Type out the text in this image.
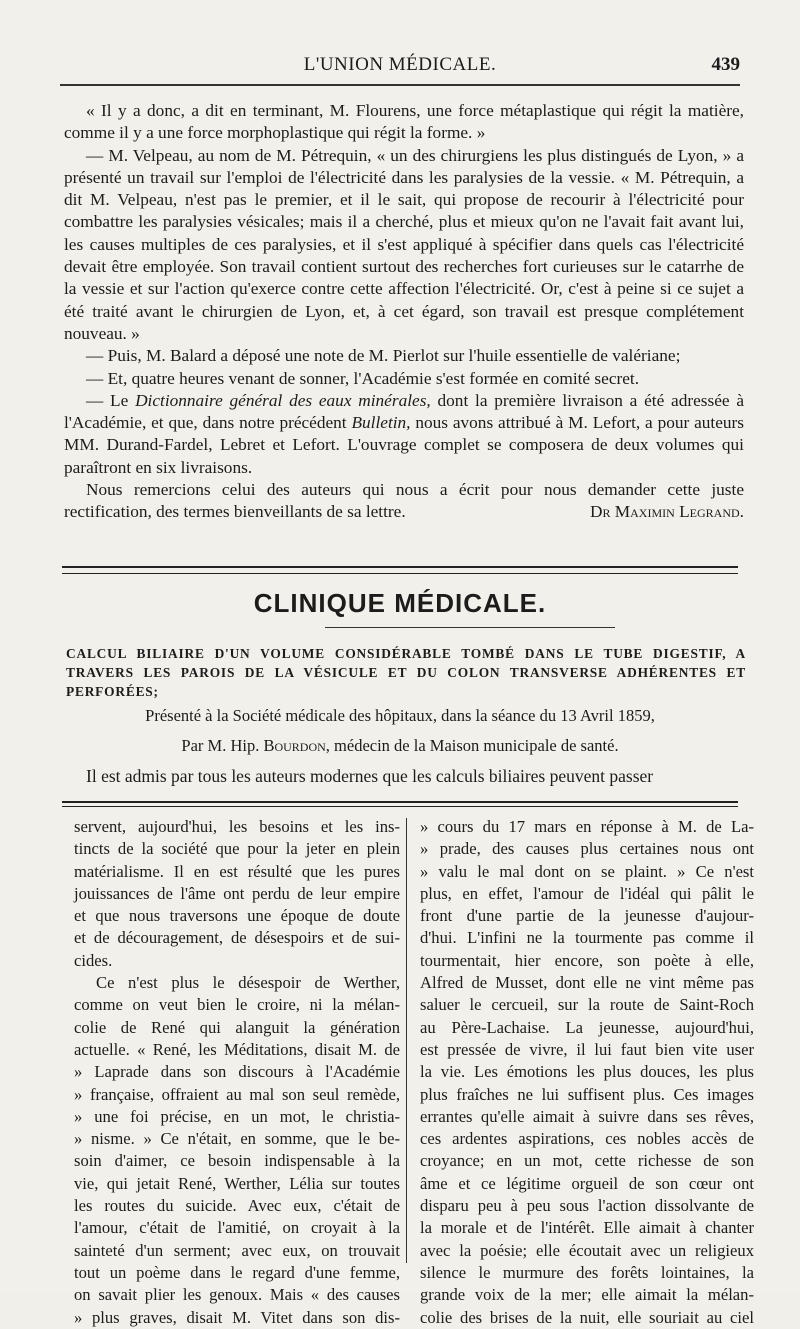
L'UNION MÉDICALE.	439

« Il y a donc, a dit en terminant, M. Flourens, une force métaplastique qui régit la matière, comme il y a une force morphoplastique qui régit la forme. »

— M. Velpeau, au nom de M. Pétrequin, « un des chirurgiens les plus distingués de Lyon, » a présenté un travail sur l'emploi de l'électricité dans les paralysies de la vessie. « M. Pétrequin, a dit M. Velpeau, n'est pas le premier, et il le sait, qui propose de recourir à l'électricité pour combattre les paralysies vésicales; mais il a cherché, plus et mieux qu'on ne l'avait fait avant lui, les causes multiples de ces paralysies, et il s'est appliqué à spécifier dans quels cas l'électricité devait être employée. Son travail contient surtout des recherches fort curieuses sur le catarrhe de la vessie et sur l'action qu'exerce contre cette affection l'électricité. Or, c'est à peine si ce sujet a été traité avant le chirurgien de Lyon, et, à cet égard, son travail est presque complétement nouveau. »

— Puis, M. Balard a déposé une note de M. Pierlot sur l'huile essentielle de valériane;

— Et, quatre heures venant de sonner, l'Académie s'est formée en comité secret.

— Le Dictionnaire général des eaux minérales, dont la première livraison a été adressée à l'Académie, et que, dans notre précédent Bulletin, nous avons attribué à M. Lefort, a pour auteurs MM. Durand-Fardel, Lebret et Lefort. L'ouvrage complet se composera de deux volumes qui paraîtront en six livraisons.

Nous remercions celui des auteurs qui nous a écrit pour nous demander cette juste rectification, des termes bienveillants de sa lettre.	Dr Maximin Legrand.

CLINIQUE MÉDICALE.
CALCUL BILIAIRE D'UN VOLUME CONSIDÉRABLE TOMBÉ DANS LE TUBE DIGESTIF, A TRAVERS LES PAROIS DE LA VÉSICULE ET DU COLON TRANSVERSE ADHÉRENTES ET PERFORÉES;
Présenté à la Société médicale des hôpitaux, dans la séance du 13 Avril 1859,
Par M. Hip. Bourdon, médecin de la Maison municipale de santé.
Il est admis par tous les auteurs modernes que les calculs biliaires peuvent passer
servent, aujourd'hui, les besoins et les ins-
tincts de la société que pour la jeter en plein
matérialisme. Il en est résulté que les pures
jouissances de l'âme ont perdu de leur empire
et que nous traversons une époque de doute
et de découragement, de désespoirs et de sui-
cides.
Ce n'est plus le désespoir de Werther,
comme on veut bien le croire, ni la mélan-
colie de René qui alanguit la génération
actuelle. « René, les Méditations, disait M. de
» Laprade dans son discours à l'Académie
» française, offraient au mal son seul remède,
» une foi précise, en un mot, le christia-
» nisme. » Ce n'était, en somme, que le be-
soin d'aimer, ce besoin indispensable à la
vie, qui jetait René, Werther, Lélia sur toutes
les routes du suicide. Avec eux, c'était de
l'amour, c'était de l'amitié, on croyait à la
sainteté d'un serment; avec eux, on trouvait
tout un poème dans le regard d'une femme,
on savait plier les genoux. Mais « des causes
» plus graves, disait M. Vitet dans son dis-
» cours du 17 mars en réponse à M. de La-
» prade, des causes plus certaines nous ont
» valu le mal dont on se plaint. » Ce n'est
plus, en effet, l'amour de l'idéal qui pâlit le
front d'une partie de la jeunesse d'aujour-
d'hui. L'infini ne la tourmente pas comme il
tourmentait, hier encore, son poète à elle,
Alfred de Musset, dont elle ne vint même pas
saluer le cercueil, sur la route de Saint-Roch
au Père-Lachaise. La jeunesse, aujourd'hui,
est pressée de vivre, il lui faut bien vite user
la vie. Les émotions les plus douces, les plus
plus fraîches ne lui suffisent plus. Ces images
errantes qu'elle aimait à suivre dans ses rêves,
ces ardentes aspirations, ces nobles accès de
croyance; en un mot, cette richesse de son
âme et ce légitime orgueil de son cœur ont
disparu peu à peu sous l'action dissolvante de
la morale et de l'intérêt. Elle aimait à chanter
avec la poésie; elle écoutait avec un religieux
silence le murmure des forêts lointaines, la
grande voix de la mer; elle aimait la mélan-
colie des brises de la nuit, elle souriait au ciel
